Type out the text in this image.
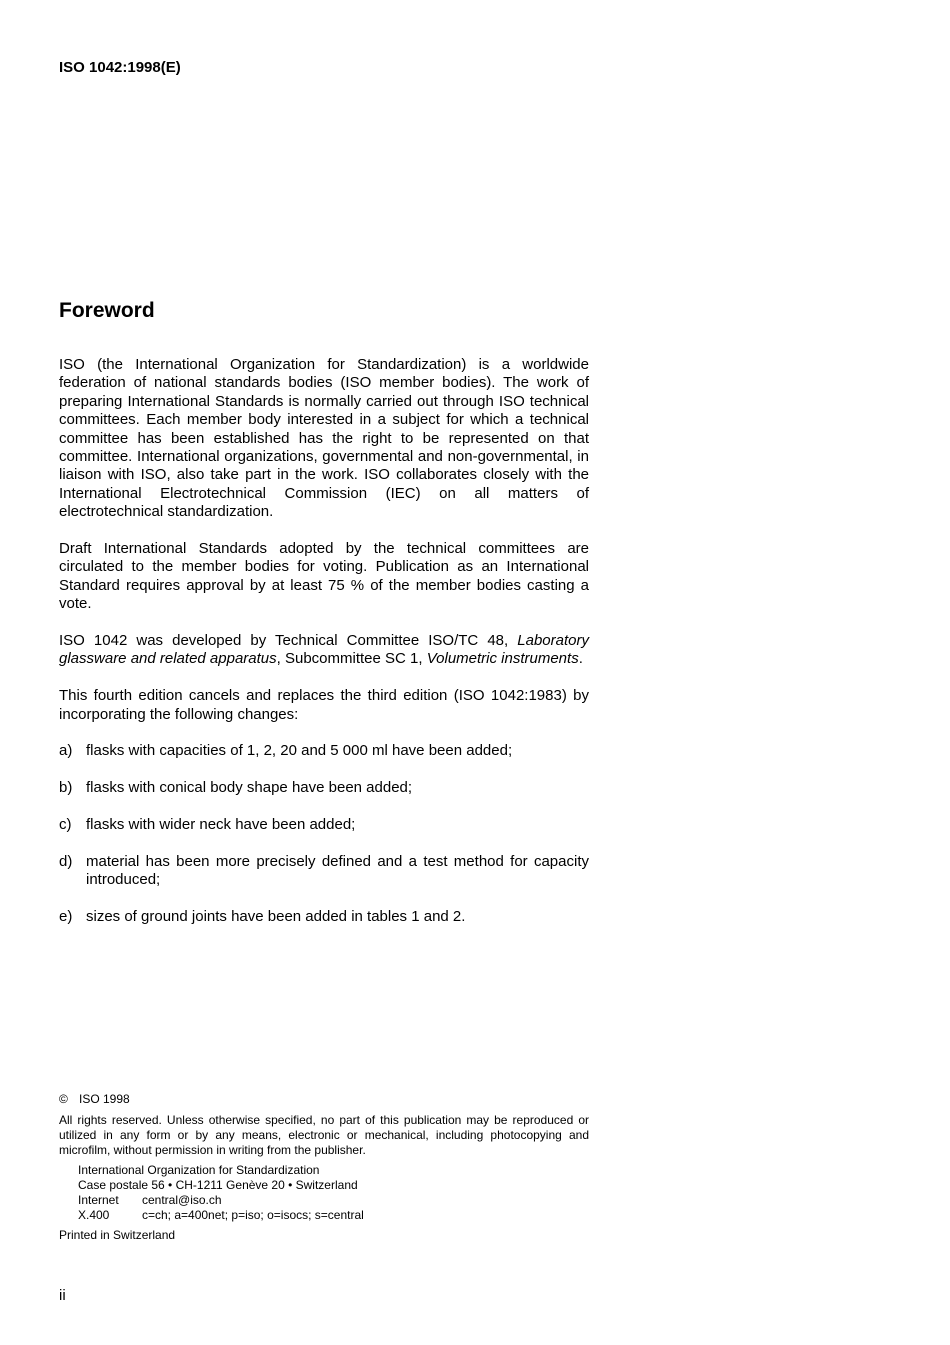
ISO 1042:1998(E)
Foreword

ISO (the International Organization for Standardization) is a worldwide federation of national standards bodies (ISO member bodies). The work of preparing International Standards is normally carried out through ISO technical committees. Each member body interested in a subject for which a technical committee has been established has the right to be represented on that committee. International organizations, governmental and non-governmental, in liaison with ISO, also take part in the work. ISO collaborates closely with the International Electrotechnical Commission (IEC) on all matters of electrotechnical standardization.

Draft International Standards adopted by the technical committees are circulated to the member bodies for voting. Publication as an International Standard requires approval by at least 75 % of the member bodies casting a vote.

ISO 1042 was developed by Technical Committee ISO/TC 48, Laboratory glassware and related apparatus, Subcommittee SC 1, Volumetric instruments.

This fourth edition cancels and replaces the third edition (ISO 1042:1983) by incorporating the following changes:

a) flasks with capacities of 1, 2, 20 and 5 000 ml have been added;
b) flasks with conical body shape have been added;
c) flasks with wider neck have been added;
d) material has been more precisely defined and a test method for capacity introduced;
e) sizes of ground joints have been added in tables 1 and 2.
© ISO 1998
All rights reserved. Unless otherwise specified, no part of this publication may be reproduced or utilized in any form or by any means, electronic or mechanical, including photocopying and microfilm, without permission in writing from the publisher.
International Organization for Standardization
Case postale 56 • CH-1211 Genève 20 • Switzerland
Internet	central@iso.ch
X.400	c=ch; a=400net; p=iso; o=isocs; s=central
Printed in Switzerland
ii
